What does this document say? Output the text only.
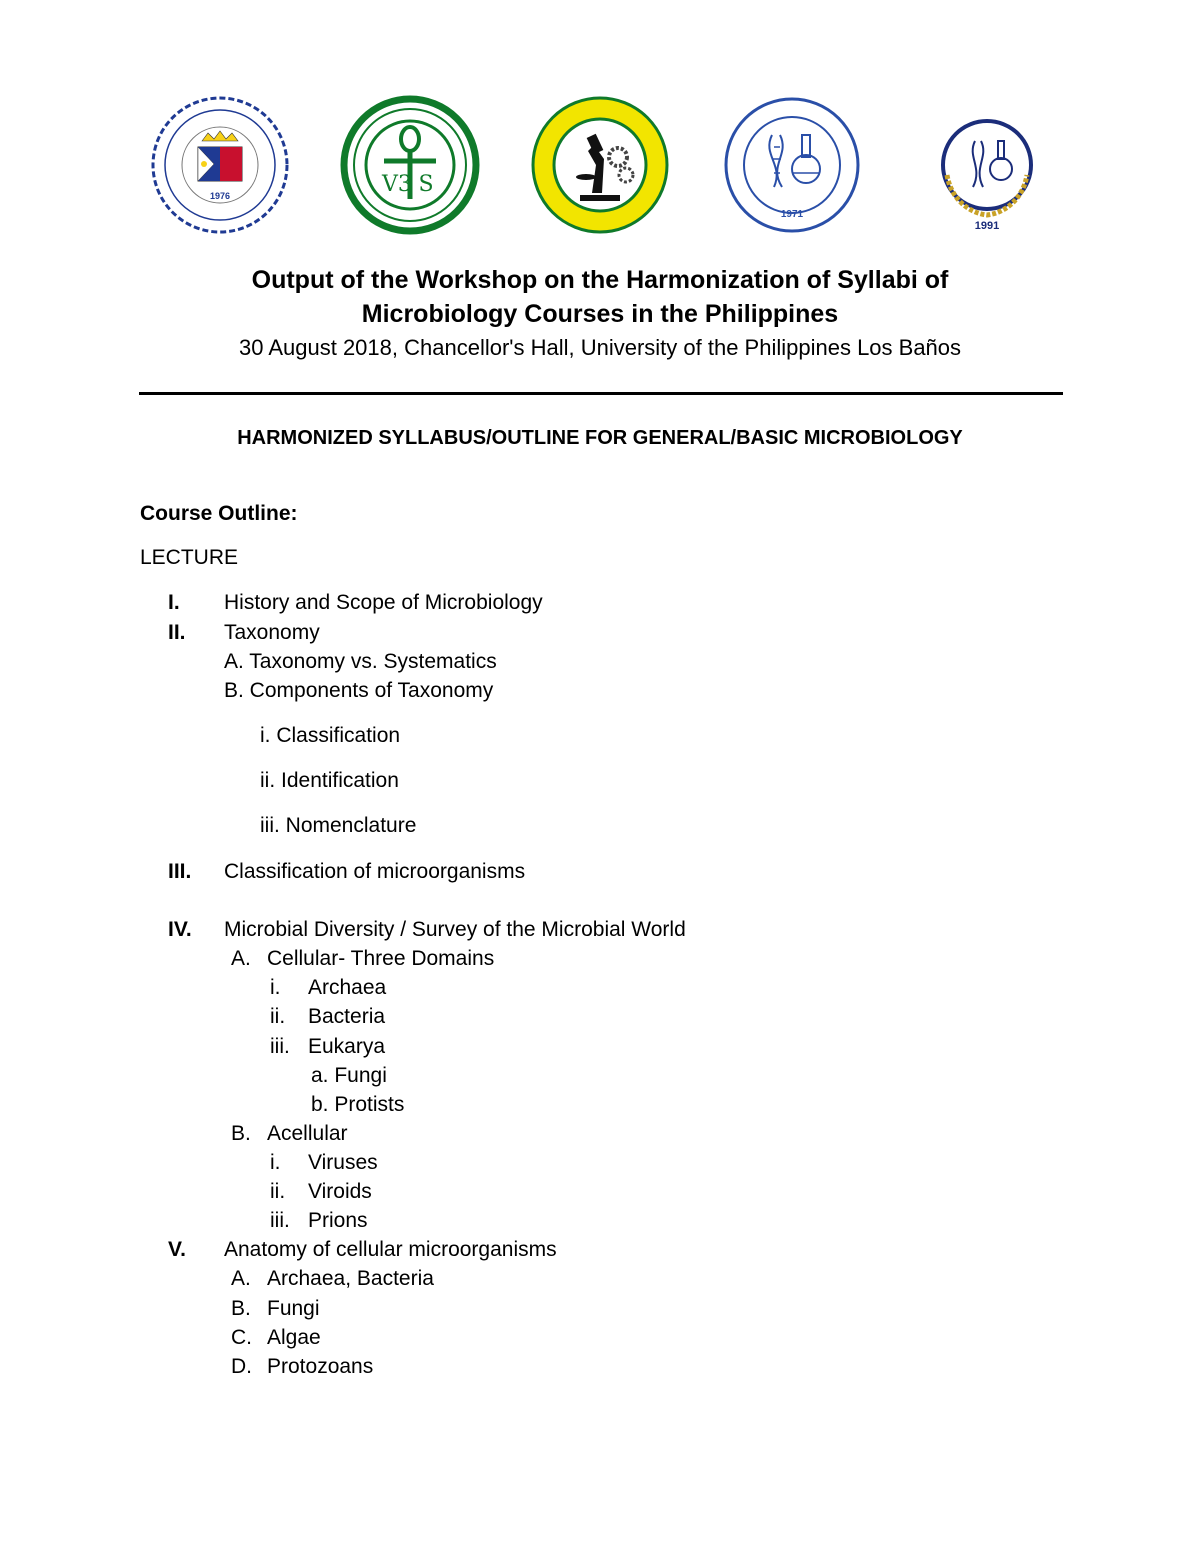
1976	V3 S
1971
1991
Output of the Workshop on the Harmonization of Syllabi of
Microbiology Courses in the Philippines
30 August 2018, Chancellor's Hall, University of the Philippines Los Baños
HARMONIZED SYLLABUS/OUTLINE FOR GENERAL/BASIC MICROBIOLOGY
Course Outline:
LECTURE
I. History and Scope of Microbiology
II. Taxonomy
A. Taxonomy vs. Systematics
B. Components of Taxonomy
i. Classification
ii. Identification
iii. Nomenclature
III. Classification of microorganisms
IV. Microbial Diversity / Survey of the Microbial World
A. Cellular- Three Domains
i. Archaea
ii. Bacteria
iii. Eukarya
a. Fungi
b. Protists
B. Acellular
i. Viruses
ii. Viroids
iii. Prions
V. Anatomy of cellular microorganisms
A. Archaea, Bacteria
B. Fungi
C. Algae
D. Protozoans
